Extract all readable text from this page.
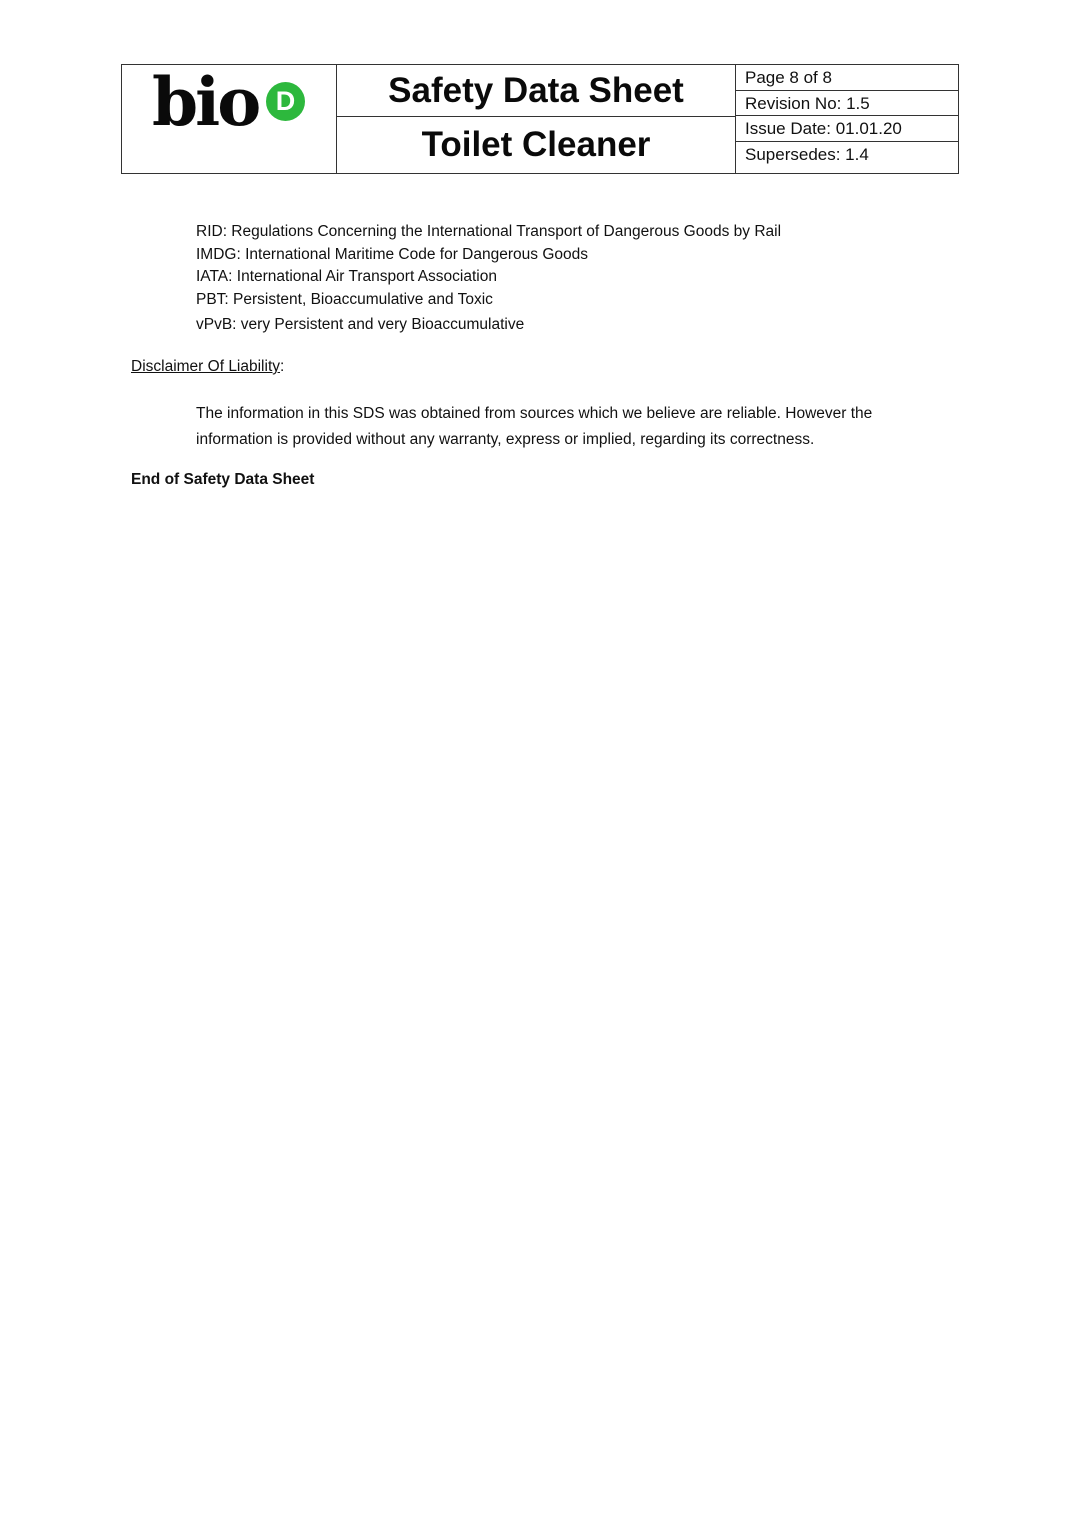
bio D	Safety Data Sheet
Toilet Cleaner
Page 8 of 8
Revision No: 1.5
Issue Date: 01.01.20
Supersedes: 1.4
RID: Regulations Concerning the International Transport of Dangerous Goods by Rail
IMDG: International Maritime Code for Dangerous Goods
IATA: International Air Transport Association
PBT: Persistent, Bioaccumulative and Toxic
vPvB: very Persistent and very Bioaccumulative
Disclaimer Of Liability:
The information in this SDS was obtained from sources which we believe are reliable. However the information is provided without any warranty, express or implied, regarding its correctness.
End of Safety Data Sheet
